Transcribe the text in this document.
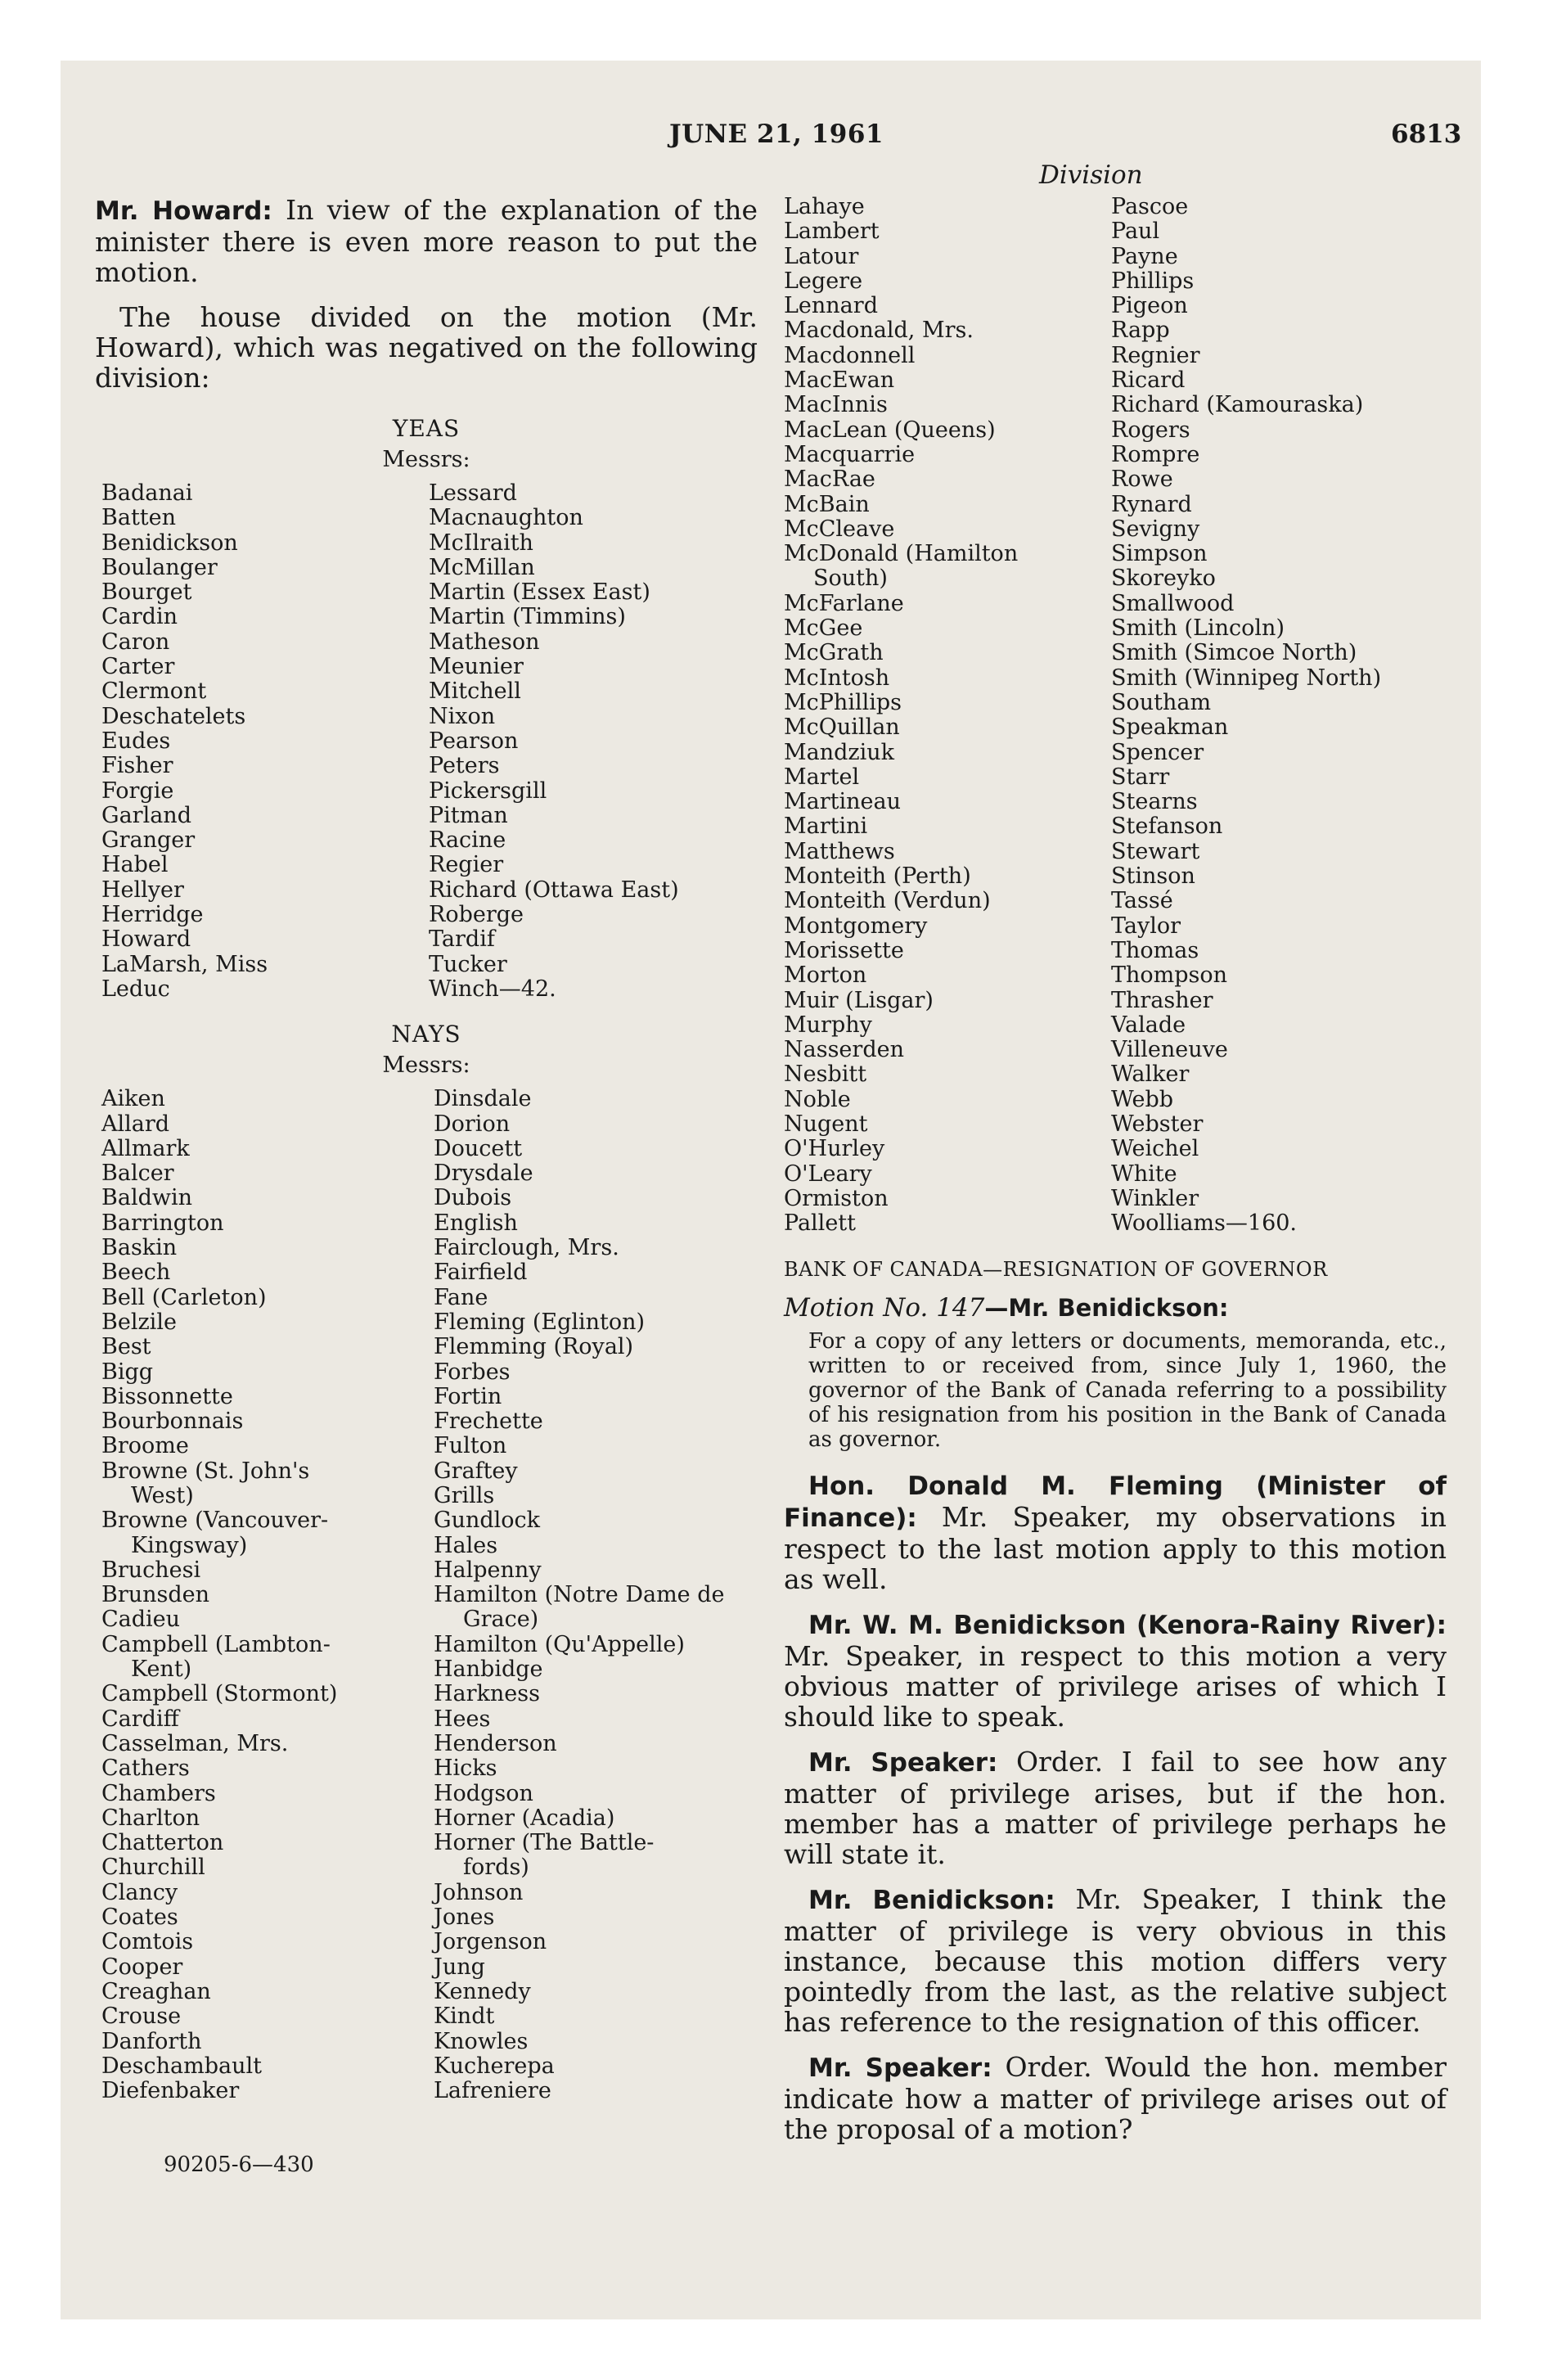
JUNE 21, 1961	6813

Mr. Howard: In view of the explanation of the minister there is even more reason to put the motion.

The house divided on the motion (Mr. Howard), which was negatived on the following division:

YEAS

Messrs:

Badanai
Batten
Benidickson
Boulanger
Bourget
Cardin
Caron
Carter
Clermont
Deschatelets
Eudes
Fisher
Forgie
Garland
Granger
Habel
Hellyer
Herridge
Howard
LaMarsh, Miss
Leduc
Lessard
Macnaughton
McIlraith
McMillan
Martin (Essex East)
Martin (Timmins)
Matheson
Meunier
Mitchell
Nixon
Pearson
Peters
Pickersgill
Pitman
Racine
Regier
Richard (Ottawa East)
Roberge
Tardif
Tucker
Winch—42.

NAYS

Messrs:

Aiken
Allard
Allmark
Balcer
Baldwin
Barrington
Baskin
Beech
Bell (Carleton)
Belzile
Best
Bigg
Bissonnette
Bourbonnais
Broome
Browne (St. John's
West)
Browne (Vancouver-
Kingsway)
Bruchesi
Brunsden
Cadieu
Campbell (Lambton-
Kent)
Campbell (Stormont)
Cardiff
Casselman, Mrs.
Cathers
Chambers
Charlton
Chatterton
Churchill
Clancy
Coates
Comtois
Cooper
Creaghan
Crouse
Danforth
Deschambault
Diefenbaker
Dinsdale
Dorion
Doucett
Drysdale
Dubois
English
Fairclough, Mrs.
Fairfield
Fane
Fleming (Eglinton)
Flemming (Royal)
Forbes
Fortin
Frechette
Fulton
Graftey
Grills
Gundlock
Hales
Halpenny
Hamilton (Notre Dame de
Grace)
Hamilton (Qu'Appelle)
Hanbidge
Harkness
Hees
Henderson
Hicks
Hodgson
Horner (Acadia)
Horner (The Battle-
fords)
Johnson
Jones
Jorgenson
Jung
Kennedy
Kindt
Knowles
Kucherepa
Lafreniere
90205-6—430
Division
Lahaye
Lambert
Latour
Legere
Lennard
Macdonald, Mrs.
Macdonnell
MacEwan
MacInnis
MacLean (Queens)
Macquarrie
MacRae
McBain
McCleave
McDonald (Hamilton
South)
McFarlane
McGee
McGrath
McIntosh
McPhillips
McQuillan
Mandziuk
Martel
Martineau
Martini
Matthews
Monteith (Perth)
Monteith (Verdun)
Montgomery
Morissette
Morton
Muir (Lisgar)
Murphy
Nasserden
Nesbitt
Noble
Nugent
O'Hurley
O'Leary
Ormiston
Pallett
Pascoe
Paul
Payne
Phillips
Pigeon
Rapp
Regnier
Ricard
Richard (Kamouraska)
Rogers
Rompre
Rowe
Rynard
Sevigny
Simpson
Skoreyko
Smallwood
Smith (Lincoln)
Smith (Simcoe North)
Smith (Winnipeg North)
Southam
Speakman
Spencer
Starr
Stearns
Stefanson
Stewart
Stinson
Tassé
Taylor
Thomas
Thompson
Thrasher
Valade
Villeneuve
Walker
Webb
Webster
Weichel
White
Winkler
Woolliams—160.

BANK OF CANADA—RESIGNATION OF GOVERNOR

Motion No. 147—Mr. Benidickson:

For a copy of any letters or documents, memoranda, etc., written to or received from, since July 1, 1960, the governor of the Bank of Canada referring to a possibility of his resignation from his position in the Bank of Canada as governor.

Hon. Donald M. Fleming (Minister of Finance): Mr. Speaker, my observations in respect to the last motion apply to this motion as well.

Mr. W. M. Benidickson (Kenora-Rainy River): Mr. Speaker, in respect to this motion a very obvious matter of privilege arises of which I should like to speak.

Mr. Speaker: Order. I fail to see how any matter of privilege arises, but if the hon. member has a matter of privilege perhaps he will state it.

Mr. Benidickson: Mr. Speaker, I think the matter of privilege is very obvious in this instance, because this motion differs very pointedly from the last, as the relative subject has reference to the resignation of this officer.

Mr. Speaker: Order. Would the hon. member indicate how a matter of privilege arises out of the proposal of a motion?
